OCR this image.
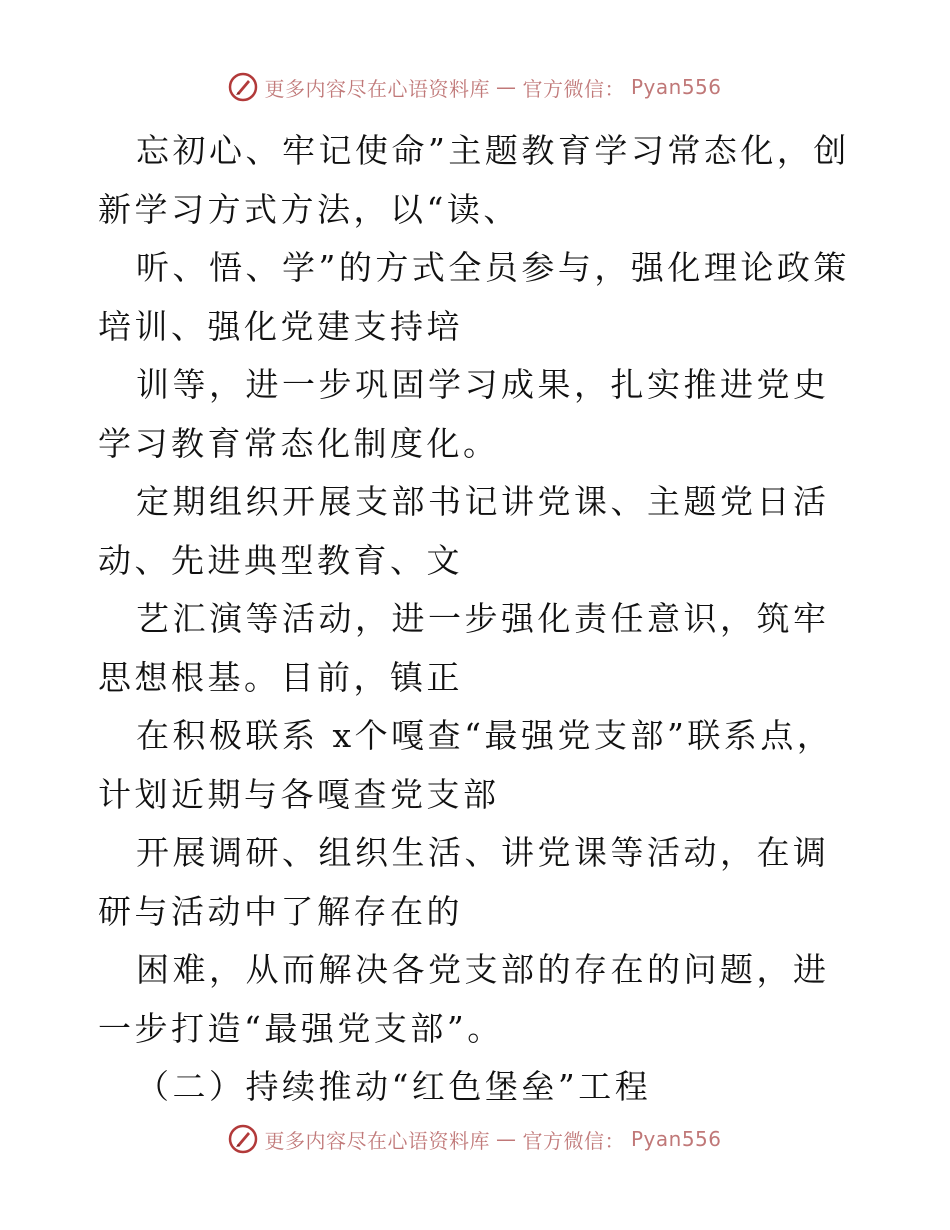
更多内容尽在心语资料库 — 官方微信： Pyan556

忘初心、牢记使命”主题教育学习常态化，创新学习方式方法，以“读、

听、悟、学”的方式全员参与，强化理论政策培训、强化党建支持培

训等，进一步巩固学习成果，扎实推进党史学习教育常态化制度化。

定期组织开展支部书记讲党课、主题党日活动、先进典型教育、文

艺汇演等活动，进一步强化责任意识，筑牢思想根基。目前，镇正

在积极联系 x个嘎查“最强党支部”联系点，计划近期与各嘎查党支部

开展调研、组织生活、讲党课等活动，在调研与活动中了解存在的

困难，从而解决各党支部的存在的问题，进一步打造“最强党支部”。

（二）持续推动“红色堡垒”工程

更多内容尽在心语资料库 — 官方微信： Pyan556
